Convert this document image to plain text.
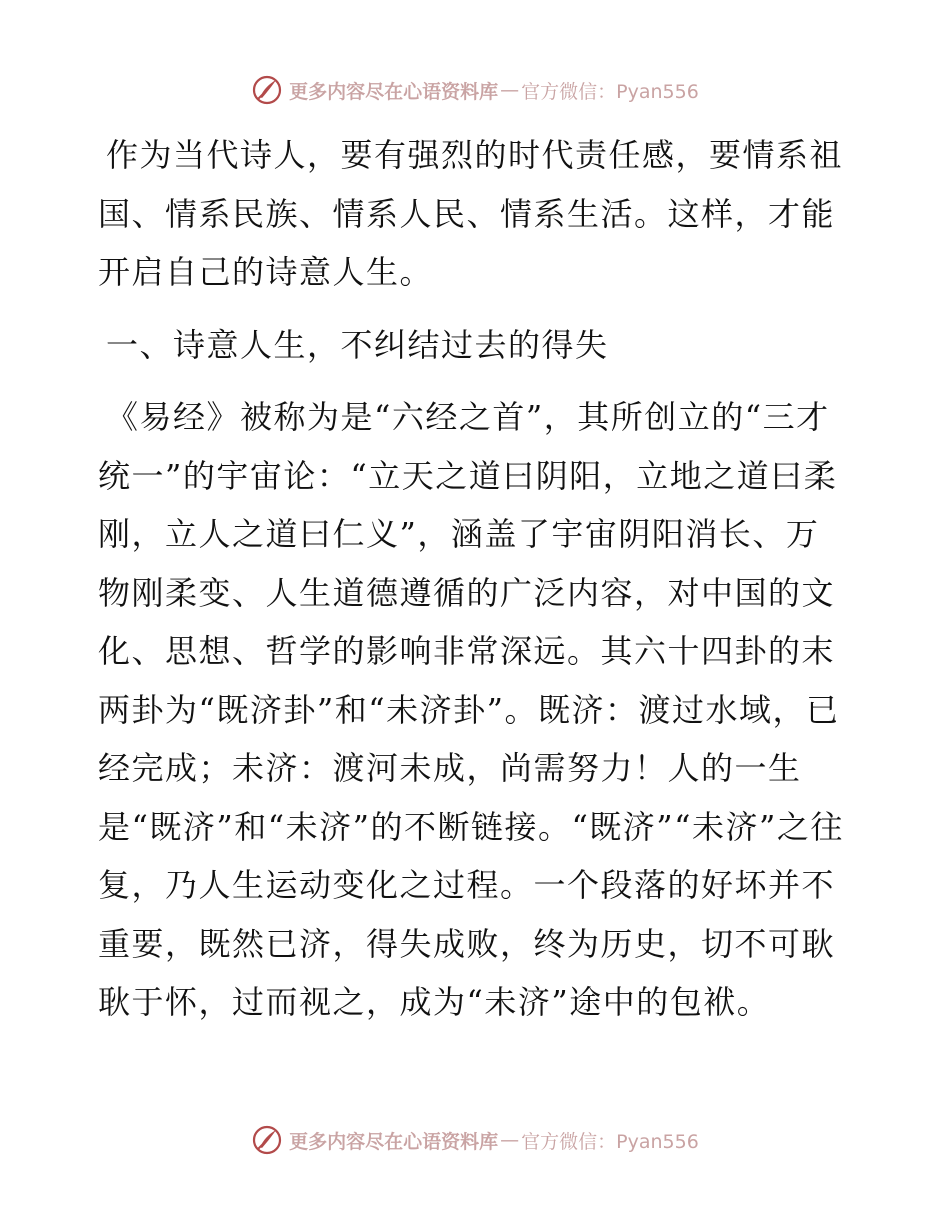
更多内容尽在心语资料库 — 官方微信：Pyan556

作为当代诗人，要有强烈的时代责任感，要情系祖国、情系民族、情系人民、情系生活。这样，才能开启自己的诗意人生。

一、诗意人生，不纠结过去的得失

《易经》被称为是“六经之首”，其所创立的“三才统一”的宇宙论：“立天之道曰阴阳，立地之道曰柔刚，立人之道曰仁义”，涵盖了宇宙阴阳消长、万物刚柔变、人生道德遵循的广泛内容，对中国的文化、思想、哲学的影响非常深远。其六十四卦的末两卦为“既济卦”和“未济卦”。既济：渡过水域，已经完成；未济：渡河未成，尚需努力！人的一生是“既济”和“未济”的不断链接。“既济”“未济”之往复，乃人生运动变化之过程。一个段落的好坏并不重要，既然已济，得失成败，终为历史，切不可耿耿于怀，过而视之，成为“未济”途中的包袱。

更多内容尽在心语资料库 — 官方微信：Pyan556
